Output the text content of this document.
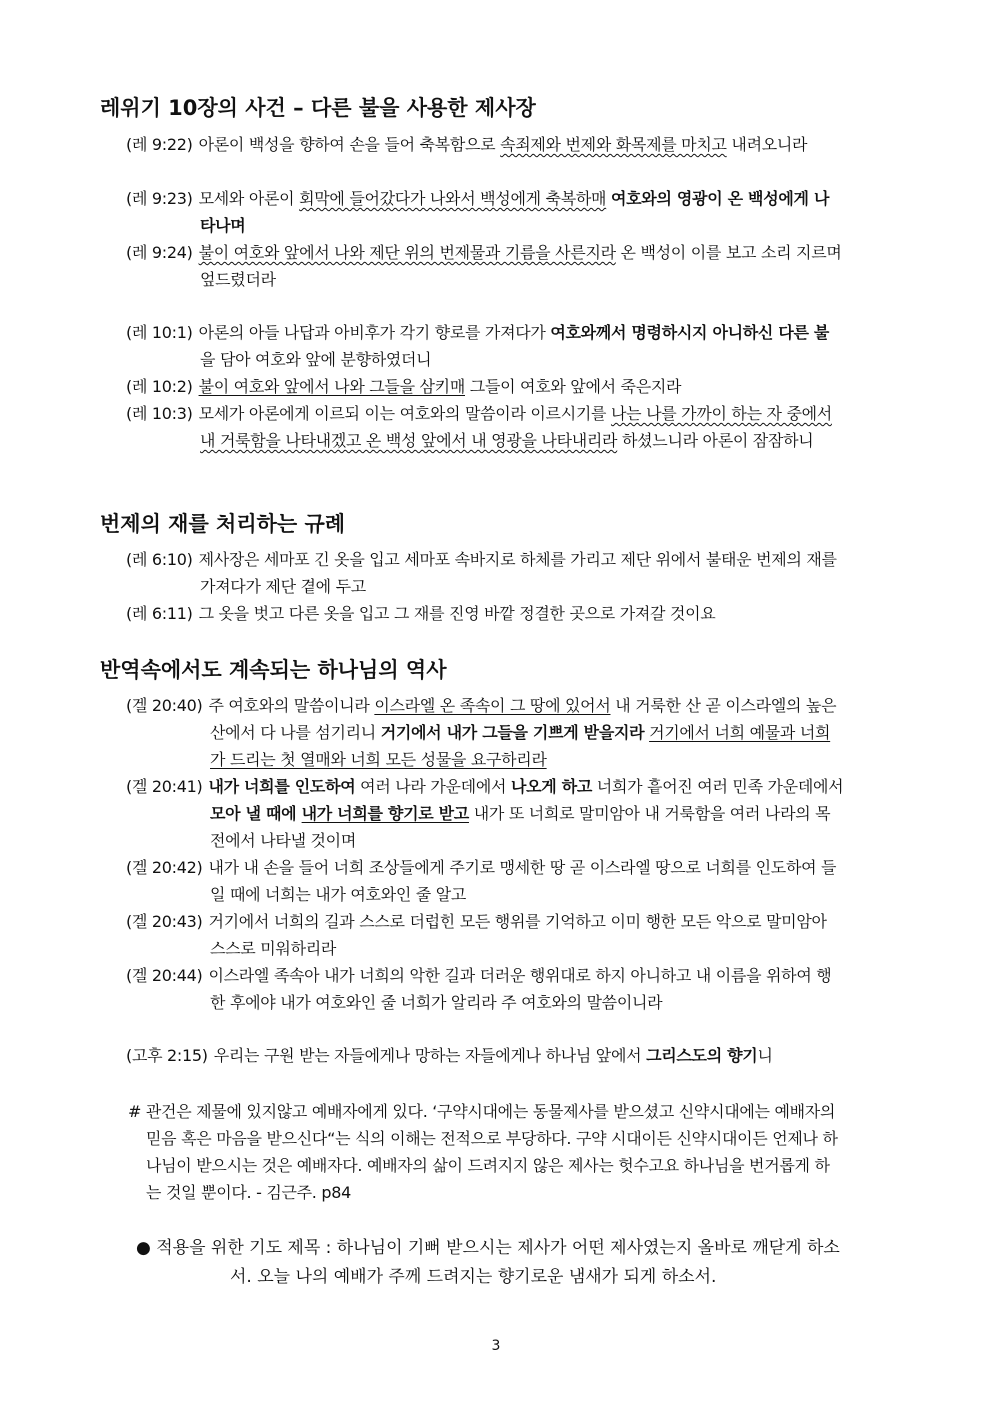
레위기 10장의 사건 – 다른 불을 사용한 제사장
(레 9:22) 아론이 백성을 향하여 손을 들어 축복함으로 속죄제와 번제와 화목제를 마치고 내려오니라
(레 9:23) 모세와 아론이 회막에 들어갔다가 나와서 백성에게 축복하매 여호와의 영광이 온 백성에게 나타나며
(레 9:24) 불이 여호와 앞에서 나와 제단 위의 번제물과 기름을 사른지라 온 백성이 이를 보고 소리 지르며 엎드렸더라
(레 10:1) 아론의 아들 나답과 아비후가 각기 향로를 가져다가 여호와께서 명령하시지 아니하신 다른 불을 담아 여호와 앞에 분향하였더니
(레 10:2) 불이 여호와 앞에서 나와 그들을 삼키매 그들이 여호와 앞에서 죽은지라
(레 10:3) 모세가 아론에게 이르되 이는 여호와의 말씀이라 이르시기를 나는 나를 가까이 하는 자 중에서 내 거룩함을 나타내겠고 온 백성 앞에서 내 영광을 나타내리라 하셨느니라 아론이 잠잠하니
번제의 재를 처리하는 규례
(레 6:10) 제사장은 세마포 긴 옷을 입고 세마포 속바지로 하체를 가리고 제단 위에서 불태운 번제의 재를 가져다가 제단 곁에 두고
(레 6:11) 그 옷을 벗고 다른 옷을 입고 그 재를 진영 바깥 정결한 곳으로 가져갈 것이요
반역속에서도 계속되는 하나님의 역사
(겔 20:40) 주 여호와의 말씀이니라 이스라엘 온 족속이 그 땅에 있어서 내 거룩한 산 곧 이스라엘의 높은 산에서 다 나를 섬기리니 거기에서 내가 그들을 기쁘게 받을지라 거기에서 너희 예물과 너희가 드리는 첫 열매와 너희 모든 성물을 요구하리라
(겔 20:41) 내가 너희를 인도하여 여러 나라 가운데에서 나오게 하고 너희가 흩어진 여러 민족 가운데에서 모아 낼 때에 내가 너희를 향기로 받고 내가 또 너희로 말미암아 내 거룩함을 여러 나라의 목전에서 나타낼 것이며
(겔 20:42) 내가 내 손을 들어 너희 조상들에게 주기로 맹세한 땅 곧 이스라엘 땅으로 너희를 인도하여 들일 때에 너희는 내가 여호와인 줄 알고
(겔 20:43) 거기에서 너희의 길과 스스로 더럽힌 모든 행위를 기억하고 이미 행한 모든 악으로 말미암아 스스로 미워하리라
(겔 20:44) 이스라엘 족속아 내가 너희의 악한 길과 더러운 행위대로 하지 아니하고 내 이름을 위하여 행한 후에야 내가 여호와인 줄 너희가 알리라 주 여호와의 말씀이니라
(고후 2:15) 우리는 구원 받는 자들에게나 망하는 자들에게나 하나님 앞에서 그리스도의 향기니
# 관건은 제물에 있지않고 예배자에게 있다. ‘구약시대에는 동물제사를 받으셨고 신약시대에는 예배자의 믿음 혹은 마음을 받으신다“는 식의 이해는 전적으로 부당하다. 구약 시대이든 신약시대이든 언제나 하나님이 받으시는 것은 예배자다. 예배자의 삶이 드려지지 않은 제사는 헛수고요 하나님을 번거롭게 하는 것일 뿐이다. - 김근주. p84
● 적용을 위한 기도 제목 : 하나님이 기뻐 받으시는 제사가 어떤 제사였는지 올바로 깨닫게 하소서. 오늘 나의 예배가 주께 드려지는 향기로운 냄새가 되게 하소서.
3
